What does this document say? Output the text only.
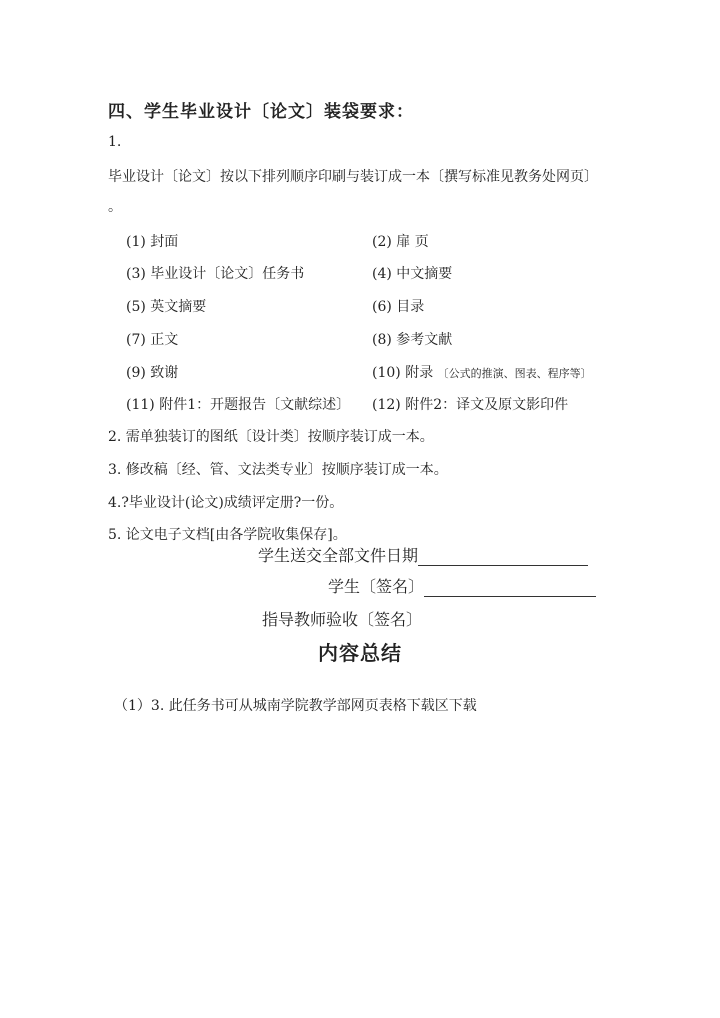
四、学生毕业设计〔论文〕装袋要求：
1.
毕业设计〔论文〕按以下排列顺序印刷与装订成一本〔撰写标准见教务处网页〕
。
(1) 封面	(2) 扉 页
(3) 毕业设计〔论文〕任务书	(4) 中文摘要
(5) 英文摘要	(6) 目录
(7) 正文	(8) 参考文献
(9) 致谢	(10) 附录 〔公式的推演、图表、程序等〕
(11) 附件1：开题报告〔文献综述〕 (12) 附件2：译文及原文影印件
2. 需单独装订的图纸〔设计类〕按顺序装订成一本。
3. 修改稿〔经、管、文法类专业〕按顺序装订成一本。
4.?毕业设计(论文)成绩评定册?一份。
5. 论文电子文档[由各学院收集保存]。
学生送交全部文件日期
学生〔签名〕
指导教师验收〔签名〕
内容总结
（1）3. 此任务书可从城南学院教学部网页表格下载区下载
